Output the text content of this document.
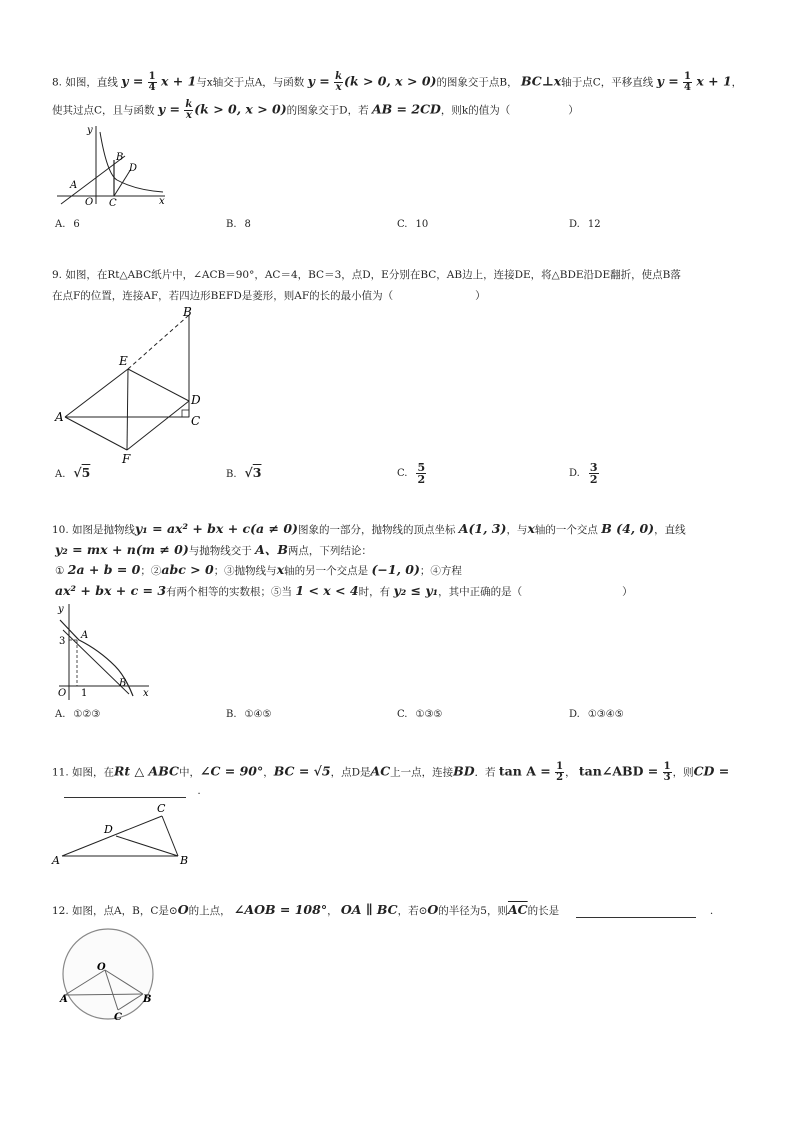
8. 如图，直线 $y = \frac{1}{4}$ x + 1与x轴交于点A，与函数 $y = \frac{k}{x} (k > 0$, x > 0)的图象交于点B， BC⊥x轴于点C，平移直线 $y = \frac{1}{4}$ x + 1，
使其过点C，且与函数 $y = \frac{k}{x} (k > 0$, x > 0)的图象交于D，若 AB = 2CD，则k的值为（	）
y
x
O
A
B
C
D
A. 6	B. 8	C. 10	D. 12
9. 如图，在Rt△ABC纸片中，∠ACB＝90°，AC＝4，BC＝3，点D，E分别在BC，AB边上，连接DE，将△BDE沿DE翻折，使点B落
在点F的位置，连接AF，若四边形BEFD是菱形，则AF的长的最小值为（	）
A
B
C
D
E
F
A. √5	B. √3	C. $\frac{5}{2}$	D. $\frac{3}{2}$
10. 如图是抛物线y₁ = ax² + bx + c(a ≠ 0)图象的一部分，抛物线的顶点坐标 A(1, 3)，与x轴的一个交点 B (4, 0)，直线
y₂ = mx + n(m ≠ 0)与抛物线交于 A、B两点，下列结论：
① 2a + b = 0；②abc > 0；③抛物线与x轴的另一个交点是 (−1, 0)；④方程
ax² + bx + c = 3有两个相等的实数根；⑤当 1 < x < 4时，有 y₂ ≤ y₁，其中正确的是（	）
y
x
O 1
3
A
B
A. ①②③	B. ①④⑤	C. ①③⑤	D. ①③④⑤
11. 如图，在Rt △ ABC中，∠C = 90°，BC = √5，点D是AC上一点，连接BD．若 $\tan A = \frac{1}{2}$ ， tan∠ABD = $\frac{1}{3}$ ，则CD =
.
A	B
C
D
12. 如图，点A，B，C是⊙O的上点， ∠AOB = 108°， OA ∥ BC，若⊙O的半径为5，则$\overline{AC}$的长是	.
O
A	B
C
